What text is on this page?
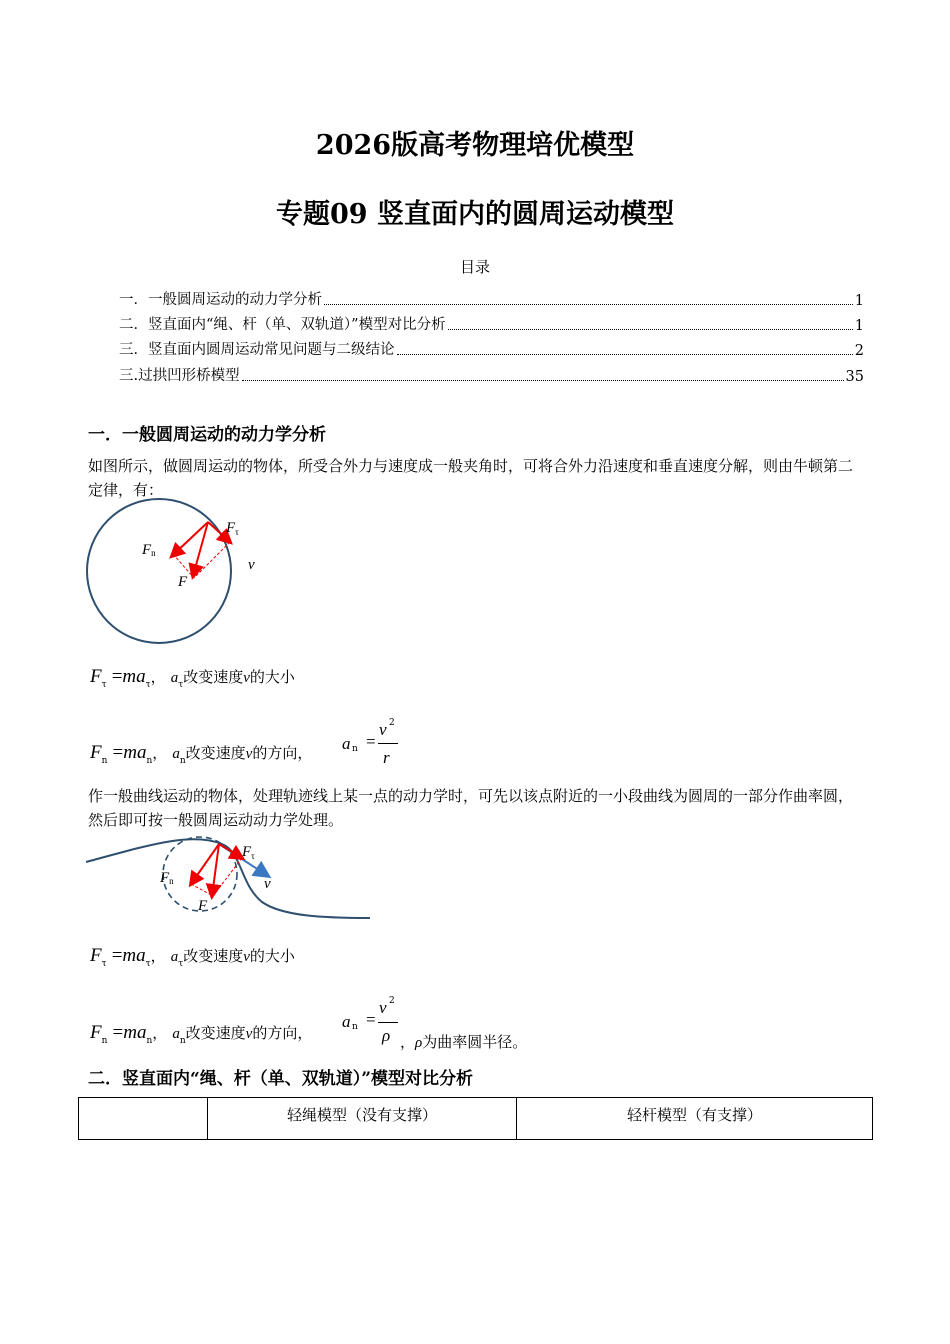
2026版高考物理培优模型
专题09 竖直面内的圆周运动模型
目录
一．一般圆周运动的动力学分析	1
二．竖直面内“绳、杆（单、双轨道）”模型对比分析	1
三．竖直面内圆周运动常见问题与二级结论	2
三.过拱凹形桥模型	35
一．一般圆周运动的动力学分析
如图所示，做圆周运动的物体，所受合外力与速度成一般夹角时，可将合外力沿速度和垂直速度分解，则由牛顿第二定律，有：
Fn
F
$F_\tau$
v
$F_\tau =ma_\tau$， $a_\tau$改变速度v的大小
$F_n =ma_n$， $a_n$改变速度v的方向， a n =
v 2
r
作一般曲线运动的物体，处理轨迹线上某一点的动力学时，可先以该点附近的一小段曲线为圆周的一部分作曲率圆，然后即可按一般圆周运动动力学处理。
Fn
F
$F_\tau$
v
$F_\tau =ma_\tau$， $a_\tau$改变速度v的大小
$F_n =ma_n$， $a_n$改变速度v的方向，
a n =
v 2
ρ ，ρ为曲率圆半径。
二．竖直面内“绳、杆（单、双轨道）”模型对比分析
	轻绳模型（没有支撑）	轻杆模型（有支撑）
